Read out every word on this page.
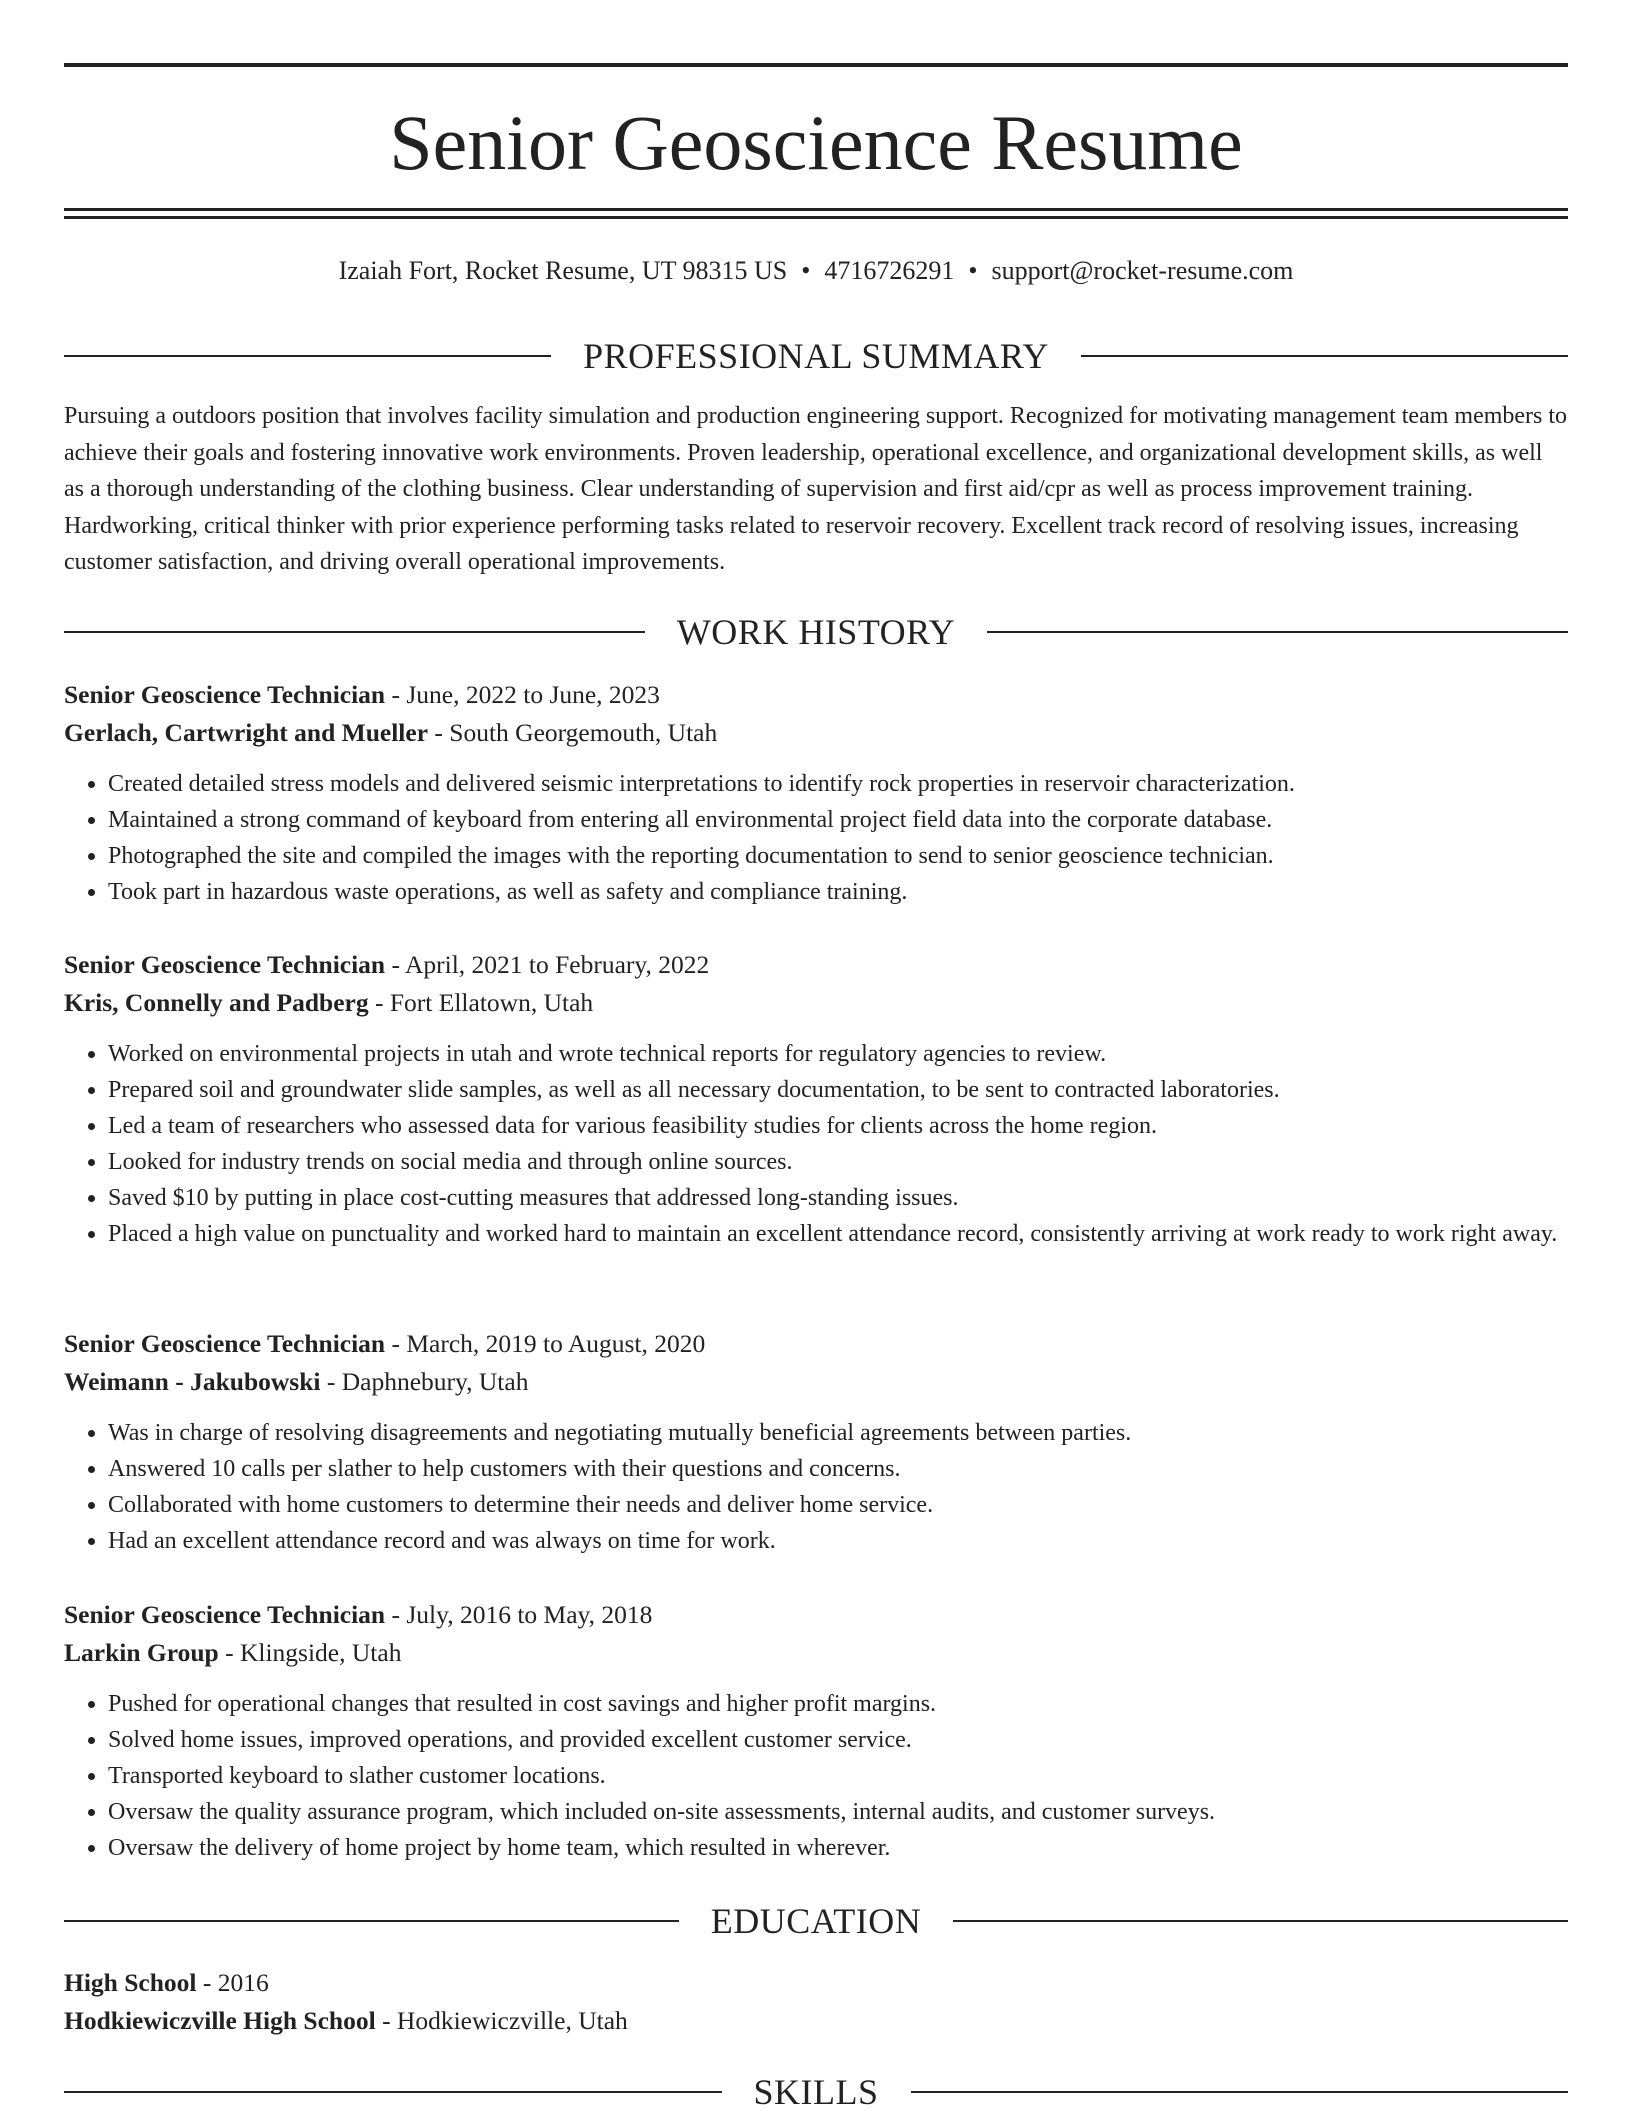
Senior Geoscience Resume
Izaiah Fort, Rocket Resume, UT 98315 US • 4716726291 • support@rocket-resume.com
PROFESSIONAL SUMMARY

Pursuing a outdoors position that involves facility simulation and production engineering support. Recognized for motivating management team members to achieve their goals and fostering innovative work environments. Proven leadership, operational excellence, and organizational development skills, as well as a thorough understanding of the clothing business. Clear understanding of supervision and first aid/cpr as well as process improvement training. Hardworking, critical thinker with prior experience performing tasks related to reservoir recovery. Excellent track record of resolving issues, increasing customer satisfaction, and driving overall operational improvements.

WORK HISTORY
Senior Geoscience Technician - June, 2022 to June, 2023
Gerlach, Cartwright and Mueller - South Georgemouth, Utah
• Created detailed stress models and delivered seismic interpretations to identify rock properties in reservoir characterization.
• Maintained a strong command of keyboard from entering all environmental project field data into the corporate database.
• Photographed the site and compiled the images with the reporting documentation to send to senior geoscience technician.
• Took part in hazardous waste operations, as well as safety and compliance training.
Senior Geoscience Technician - April, 2021 to February, 2022
Kris, Connelly and Padberg - Fort Ellatown, Utah
• Worked on environmental projects in utah and wrote technical reports for regulatory agencies to review.
• Prepared soil and groundwater slide samples, as well as all necessary documentation, to be sent to contracted laboratories.
• Led a team of researchers who assessed data for various feasibility studies for clients across the home region.
• Looked for industry trends on social media and through online sources.
• Saved $10 by putting in place cost-cutting measures that addressed long-standing issues.
• Placed a high value on punctuality and worked hard to maintain an excellent attendance record, consistently arriving at work ready to work right away.
Senior Geoscience Technician - March, 2019 to August, 2020
Weimann - Jakubowski - Daphnebury, Utah
• Was in charge of resolving disagreements and negotiating mutually beneficial agreements between parties.
• Answered 10 calls per slather to help customers with their questions and concerns.
• Collaborated with home customers to determine their needs and deliver home service.
• Had an excellent attendance record and was always on time for work.
Senior Geoscience Technician - July, 2016 to May, 2018
Larkin Group - Klingside, Utah
• Pushed for operational changes that resulted in cost savings and higher profit margins.
• Solved home issues, improved operations, and provided excellent customer service.
• Transported keyboard to slather customer locations.
• Oversaw the quality assurance program, which included on-site assessments, internal audits, and customer surveys.
• Oversaw the delivery of home project by home team, which resulted in wherever.
EDUCATION
High School - 2016
Hodkiewiczville High School - Hodkiewiczville, Utah
SKILLS
